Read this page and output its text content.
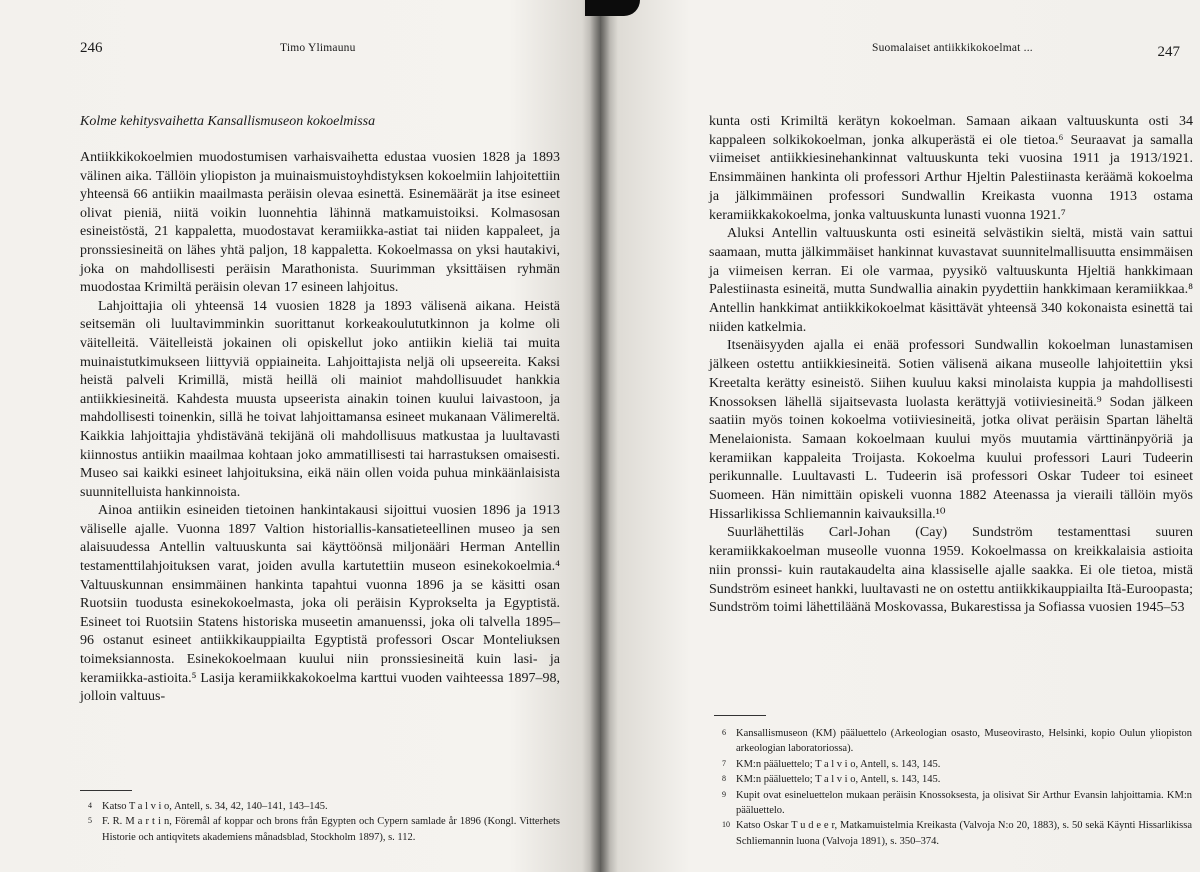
246	Timo Ylimaunu
Kolme kehitysvaihetta Kansallismuseon kokoelmissa

Antiikkikokoelmien muodostumisen varhaisvaihetta edustaa vuosien 1828 ja 1893 välinen aika. Tällöin yliopiston ja muinaismuistoyhdistyksen kokoelmiin lahjoitettiin yhteensä 66 antiikin maailmasta peräisin olevaa esinettä. Esinemäärät ja itse esineet olivat pieniä, niitä voikin luonnehtia lähinnä matkamuistoiksi. Kolmasosan esineistöstä, 21 kappaletta, muodostavat keramiikka-astiat tai niiden kappaleet, ja pronssiesineitä on lähes yhtä paljon, 18 kappaletta. Kokoelmassa on yksi hautakivi, joka on mahdollisesti peräisin Marathonista. Suurimman yksittäisen ryhmän muodostaa Krimiltä peräisin olevan 17 esineen lahjoitus.

Lahjoittajia oli yhteensä 14 vuosien 1828 ja 1893 välisenä aikana. Heistä seitsemän oli luultavimminkin suorittanut korkeakoulututkinnon ja kolme oli väitelleitä. Väitelleistä jokainen oli opiskellut joko antiikin kieliä tai muita muinaistutkimukseen liittyviä oppiaineita. Lahjoittajista neljä oli upseereita. Kaksi heistä palveli Krimillä, mistä heillä oli mainiot mahdollisuudet hankkia antiikkiesineitä. Kahdesta muusta upseerista ainakin toinen kuului laivastoon, ja mahdollisesti toinenkin, sillä he toivat lahjoittamansa esineet mukanaan Välimereltä. Kaikkia lahjoittajia yhdistävänä tekijänä oli mahdollisuus matkustaa ja luultavasti kiinnostus antiikin maailmaa kohtaan joko ammatillisesti tai harrastuksen omaisesti. Museo sai kaikki esineet lahjoituksina, eikä näin ollen voida puhua minkäänlaisista suunnitelluista hankinnoista.

Ainoa antiikin esineiden tietoinen hankintakausi sijoittui vuosien 1896 ja 1913 väliselle ajalle. Vuonna 1897 Valtion historiallis-kansatieteellinen museo ja sen alaisuudessa Antellin valtuuskunta sai käyttöönsä miljonääri Herman Antellin testamenttilahjoituksen varat, joiden avulla kartutettiin museon esinekokoelmia.⁴ Valtuuskunnan ensimmäinen hankinta tapahtui vuonna 1896 ja se käsitti osan Ruotsiin tuodusta esinekokoelmasta, joka oli peräisin Kyprokselta ja Egyptistä. Esineet toi Ruotsiin Statens historiska museetin amanuenssi, joka oli talvella 1895–96 ostanut esineet antiikkikauppiailta Egyptistä professori Oscar Monteliuksen toimeksiannosta. Esinekokoelmaan kuului niin pronssiesineitä kuin lasi- ja keramiikka-astioita.⁵ Lasija keramiikkakokoelma karttui vuoden vaihteessa 1897–98, jolloin valtuus-

4 Katso T a l v i o, Antell, s. 34, 42, 140–141, 143–145.
5 F. R. M a r t i n, Föremål af koppar och brons från Egypten och Cypern samlade år 1896 (Kongl. Vitterhets Historie och antiqvitets akademiens månadsblad, Stockholm 1897), s. 112.
Suomalaiset antiikkikokoelmat ...	247

kunta osti Krimiltä kerätyn kokoelman. Samaan aikaan valtuuskunta osti 34 kappaleen solkikokoelman, jonka alkuperästä ei ole tietoa.⁶ Seuraavat ja samalla viimeiset antiikkiesinehankinnat valtuuskunta teki vuosina 1911 ja 1913/1921. Ensimmäinen hankinta oli professori Arthur Hjeltin Palestiinasta keräämä kokoelma ja jälkimmäinen professori Sundwallin Kreikasta vuonna 1913 ostama keramiikkakokoelma, jonka valtuuskunta lunasti vuonna 1921.⁷

Aluksi Antellin valtuuskunta osti esineitä selvästikin sieltä, mistä vain sattui saamaan, mutta jälkimmäiset hankinnat kuvastavat suunnitelmallisuutta ensimmäisen ja viimeisen kerran. Ei ole varmaa, pyysikö valtuuskunta Hjeltiä hankkimaan Palestiinasta esineitä, mutta Sundwallia ainakin pyydettiin hankkimaan keramiikkaa.⁸ Antellin hankkimat antiikkikokoelmat käsittävät yhteensä 340 kokonaista esinettä tai niiden katkelmia.

Itsenäisyyden ajalla ei enää professori Sundwallin kokoelman lunastamisen jälkeen ostettu antiikkiesineitä. Sotien välisenä aikana museolle lahjoitettiin yksi Kreetalta kerätty esineistö. Siihen kuuluu kaksi minolaista kuppia ja mahdollisesti Knossoksen lähellä sijaitsevasta luolasta kerättyjä votiiviesineitä.⁹ Sodan jälkeen saatiin myös toinen kokoelma votiiviesineitä, jotka olivat peräisin Spartan läheltä Menelaionista. Samaan kokoelmaan kuului myös muutamia värttinänpyöriä ja keramiikan kappaleita Troijasta. Kokoelma kuului professori Lauri Tudeerin perikunnalle. Luultavasti L. Tudeerin isä professori Oskar Tudeer toi esineet Suomeen. Hän nimittäin opiskeli vuonna 1882 Ateenassa ja vieraili tällöin myös Hissarlikissa Schliemannin kaivauksilla.¹⁰

Suurlähettiläs Carl-Johan (Cay) Sundström testamenttasi suuren keramiikkakoelman museolle vuonna 1959. Kokoelmassa on kreikkalaisia astioita niin pronssi- kuin rautakaudelta aina klassiselle ajalle saakka. Ei ole tietoa, mistä Sundström esineet hankki, luultavasti ne on ostettu antiikkikauppiailta Itä-Euroopasta; Sundström toimi lähettiläänä Moskovassa, Bukarestissa ja Sofiassa vuosien 1945–53

6 Kansallismuseon (KM) pääluettelo (Arkeologian osasto, Museovirasto, Helsinki, kopio Oulun yliopiston arkeologian laboratoriossa).
7 KM:n pääluettelo; T a l v i o, Antell, s. 143, 145.
8 KM:n pääluettelo; T a l v i o, Antell, s. 143, 145.
9 Kupit ovat esineluettelon mukaan peräisin Knossoksesta, ja olisivat Sir Arthur Evansin lahjoittamia. KM:n pääluettelo.
10 Katso Oskar T u d e e r, Matkamuistelmia Kreikasta (Valvoja N:o 20, 1883), s. 50 sekä Käynti Hissarlikissa Schliemannin luona (Valvoja 1891), s. 350–374.
